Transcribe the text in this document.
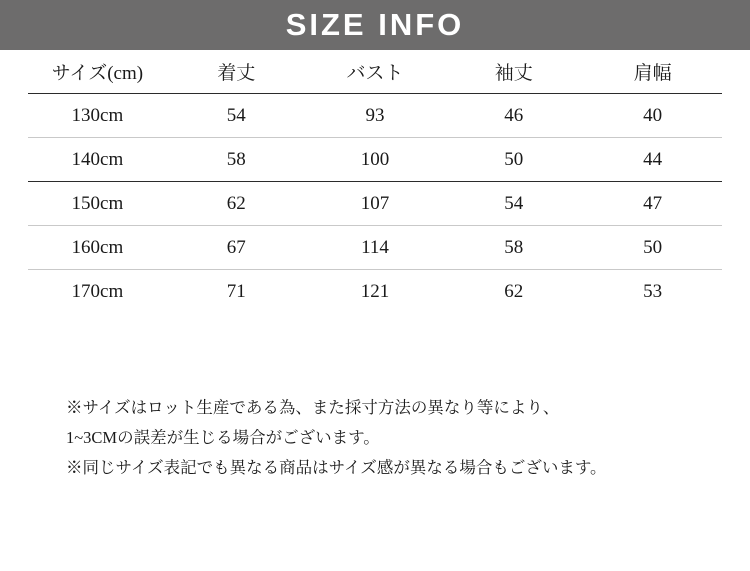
SIZE INFO
サイズ(cm)	着丈	バスト	袖丈	肩幅
130cm	54	93	46	40
140cm	58	100	50	44
150cm	62	107	54	47
160cm	67	114	58	50
170cm	71	121	62	53
※サイズはロット生産である為、また採寸方法の異なり等により、
1~3CMの誤差が生じる場合がございます。
※同じサイズ表記でも異なる商品はサイズ感が異なる場合もございます。
